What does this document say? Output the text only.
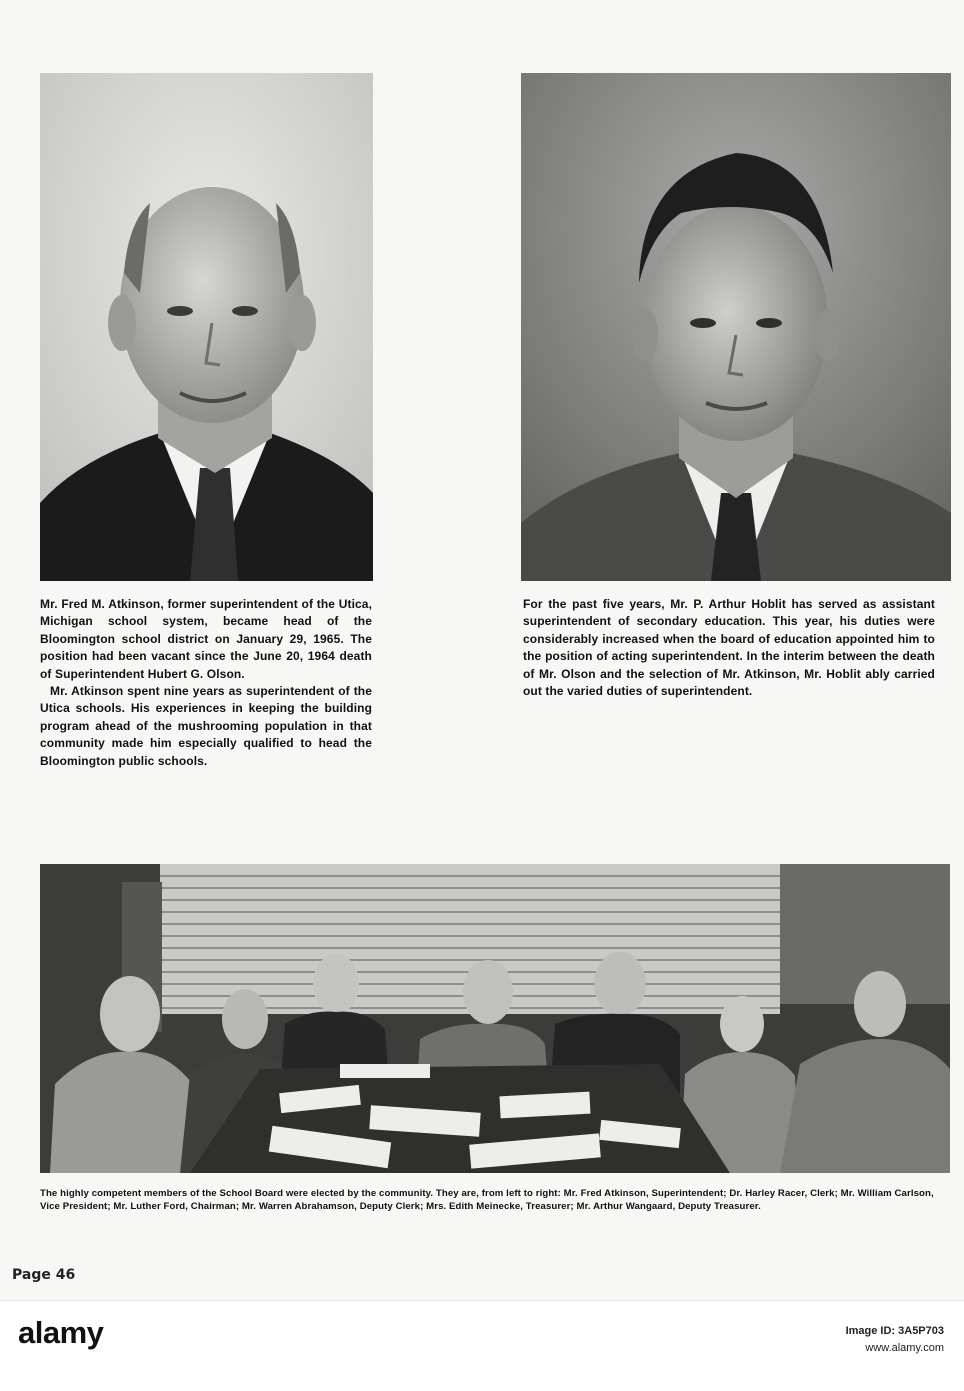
Mr. Fred M. Atkinson, former superintendent of the Utica, Michigan school system, became head of the Bloomington school district on January 29, 1965. The position had been vacant since the June 20, 1964 death of Superintendent Hubert G. Olson.

Mr. Atkinson spent nine years as superintendent of the Utica schools. His experiences in keeping the building program ahead of the mushrooming population in that community made him especially qualified to head the Bloomington public schools.

For the past five years, Mr. P. Arthur Hoblit has served as assistant superintendent of secondary education. This year, his duties were considerably increased when the board of education appointed him to the position of acting superintendent. In the interim between the death of Mr. Olson and the selection of Mr. Atkinson, Mr. Hoblit ably carried out the varied duties of superintendent.

The highly competent members of the School Board were elected by the community. They are, from left to right: Mr. Fred Atkinson, Superintendent; Dr. Harley Racer, Clerk; Mr. William Carlson, Vice President; Mr. Luther Ford, Chairman; Mr. Warren Abrahamson, Deputy Clerk; Mrs. Edith Meinecke, Treasurer; Mr. Arthur Wangaard, Deputy Treasurer.

Page 46
alamy	Image ID: 3A5P703
www.alamy.com
